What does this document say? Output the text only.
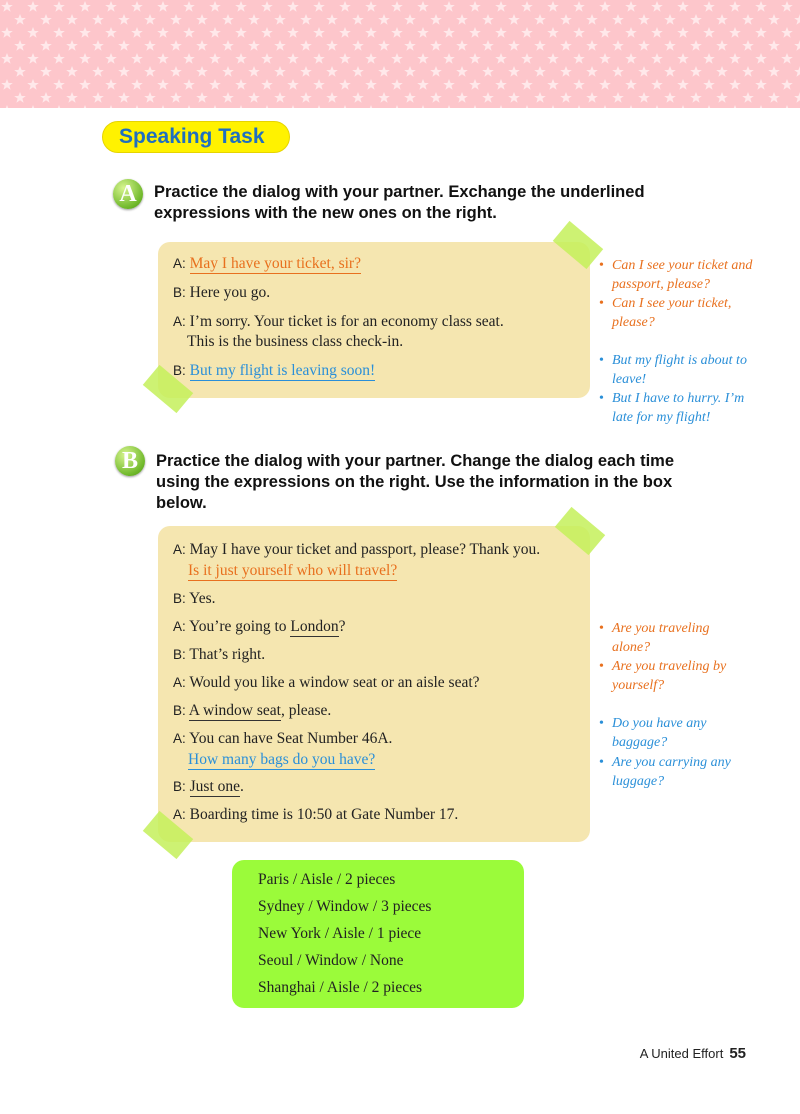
Speaking Task
A	Practice the dialog with your partner. Exchange the underlined
expressions with the new ones on the right.
A: May I have your ticket, sir?
B: Here you go.
A: I’m sorry. Your ticket is for an economy class seat.
This is the business class check-in.
B: But my flight is leaving soon!
• Can I see your ticket and
passport, please?
• Can I see your ticket,
please?
• But my flight is about to
leave!
• But I have to hurry. I’m
late for my flight!
B	Practice the dialog with your partner. Change the dialog each time
using the expressions on the right. Use the information in the box
below.
A: May I have your ticket and passport, please? Thank you.
Is it just yourself who will travel?
B: Yes.
A: You’re going to London?
B: That’s right.
A: Would you like a window seat or an aisle seat?
B: A window seat, please.
A: You can have Seat Number 46A.
How many bags do you have?
B: Just one.
A: Boarding time is 10:50 at Gate Number 17.
• Are you traveling
alone?
• Are you traveling by
yourself?
• Do you have any
baggage?
• Are you carrying any
luggage?
Paris / Aisle / 2 pieces
Sydney / Window / 3 pieces
New York / Aisle / 1 piece
Seoul / Window / None
Shanghai / Aisle / 2 pieces
A United Effort 55
